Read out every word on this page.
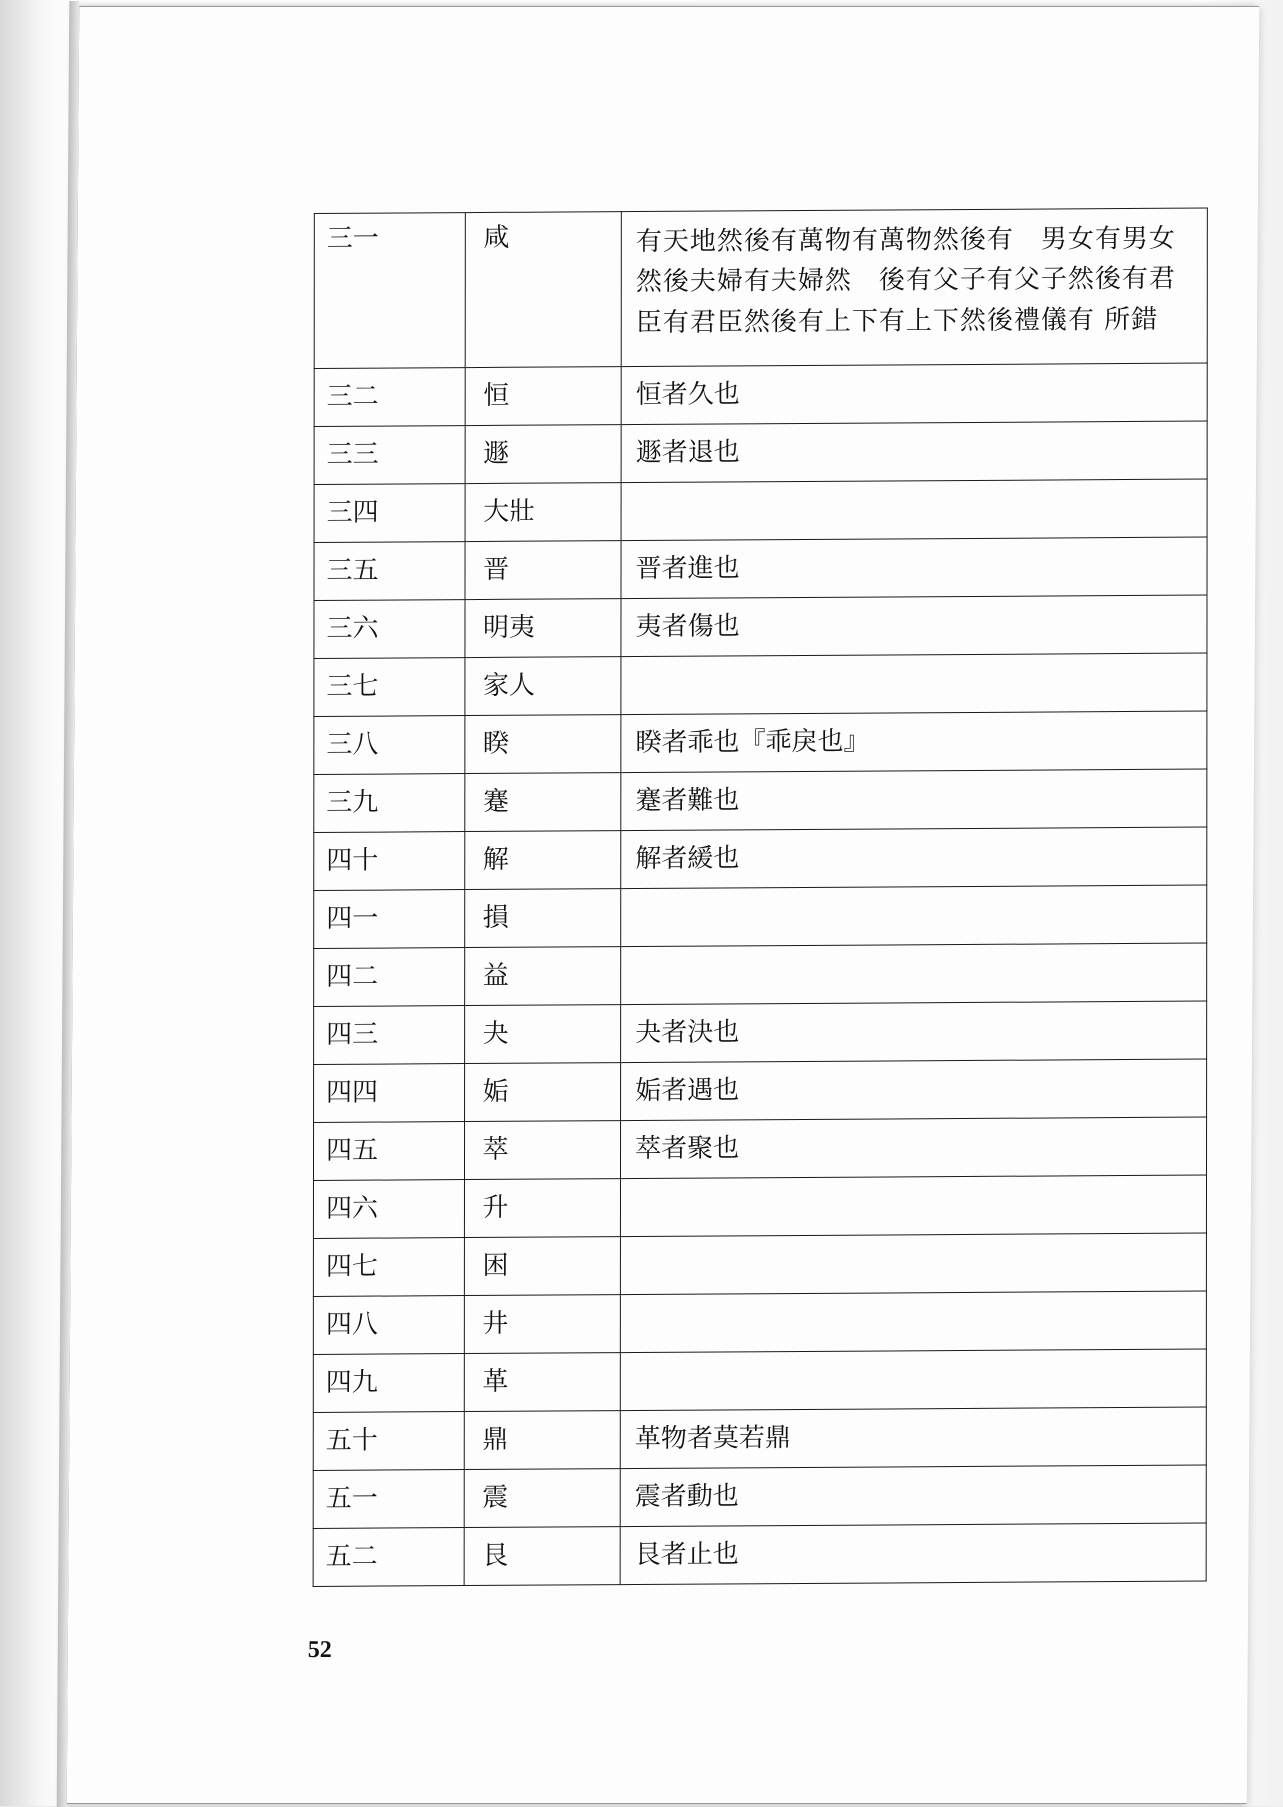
三一	咸	有天地然後有萬物有萬物然後有　男女有男女然後夫婦有夫婦然　後有父子有父子然後有君　臣有君臣然後有上下有上下然後禮儀有 所錯
三二	恒	恒者久也
三三	遯	遯者退也
三四	大壯	
三五	晋	晋者進也
三六	明夷	夷者傷也
三七	家人	
三八	睽	睽者乖也『乖戾也』
三九	蹇	蹇者難也
四十	解	解者緩也
四一	損	
四二	益	
四三	夬	夬者決也
四四	姤	姤者遇也
四五	萃	萃者聚也
四六	升	
四七	困	
四八	井	
四九	革	
五十	鼎	革物者莫若鼎
五一	震	震者動也
五二	艮	艮者止也
52
